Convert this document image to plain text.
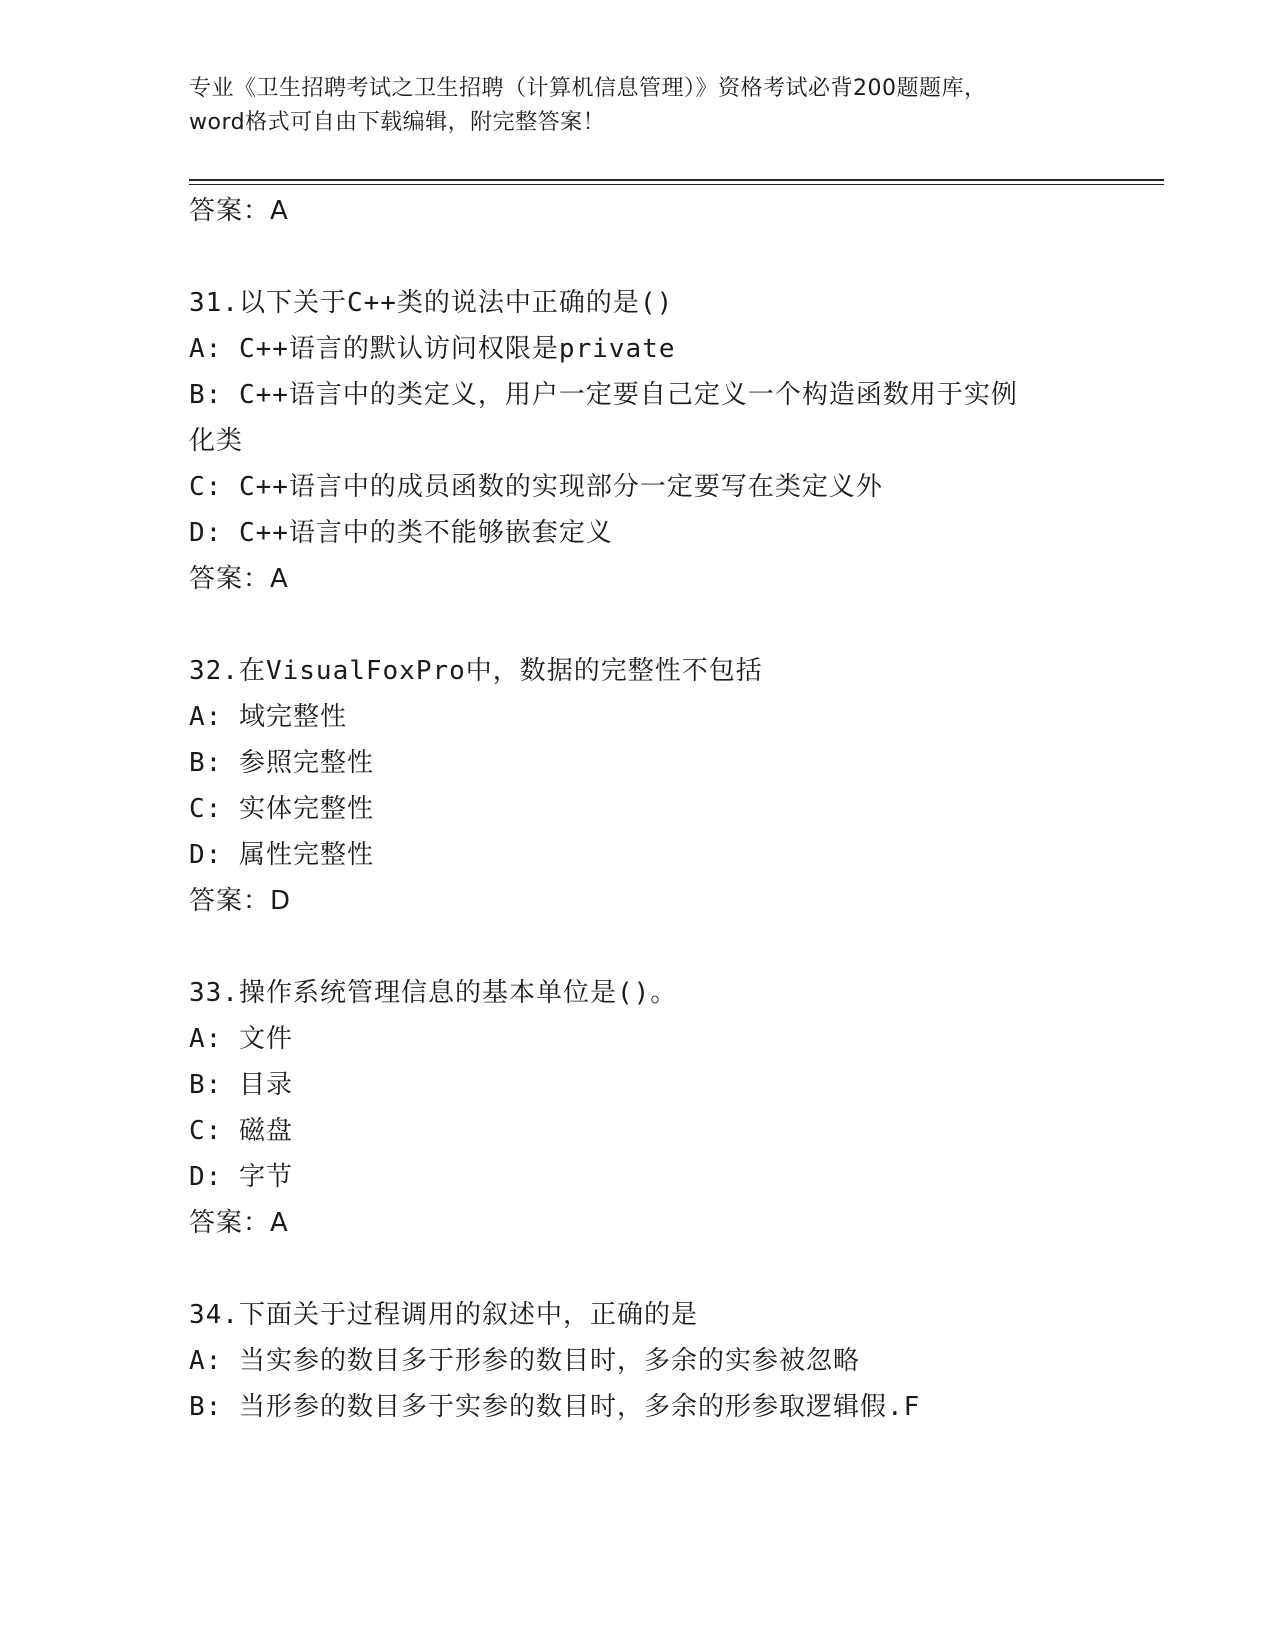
专业《卫生招聘考试之卫生招聘（计算机信息管理）》资格考试必背200题题库，
word格式可自由下载编辑，附完整答案！
答案：A
31.以下关于C++类的说法中正确的是()
A: C++语言的默认访问权限是private
B: C++语言中的类定义，用户一定要自己定义一个构造函数用于实例
化类
C: C++语言中的成员函数的实现部分一定要写在类定义外
D: C++语言中的类不能够嵌套定义
答案：A
32.在VisualFoxPro中，数据的完整性不包括
A: 域完整性
B: 参照完整性
C: 实体完整性
D: 属性完整性
答案：D
33.操作系统管理信息的基本单位是()。
A: 文件
B: 目录
C: 磁盘
D: 字节
答案：A
34.下面关于过程调用的叙述中，正确的是
A: 当实参的数目多于形参的数目时，多余的实参被忽略
B: 当形参的数目多于实参的数目时，多余的形参取逻辑假.F
